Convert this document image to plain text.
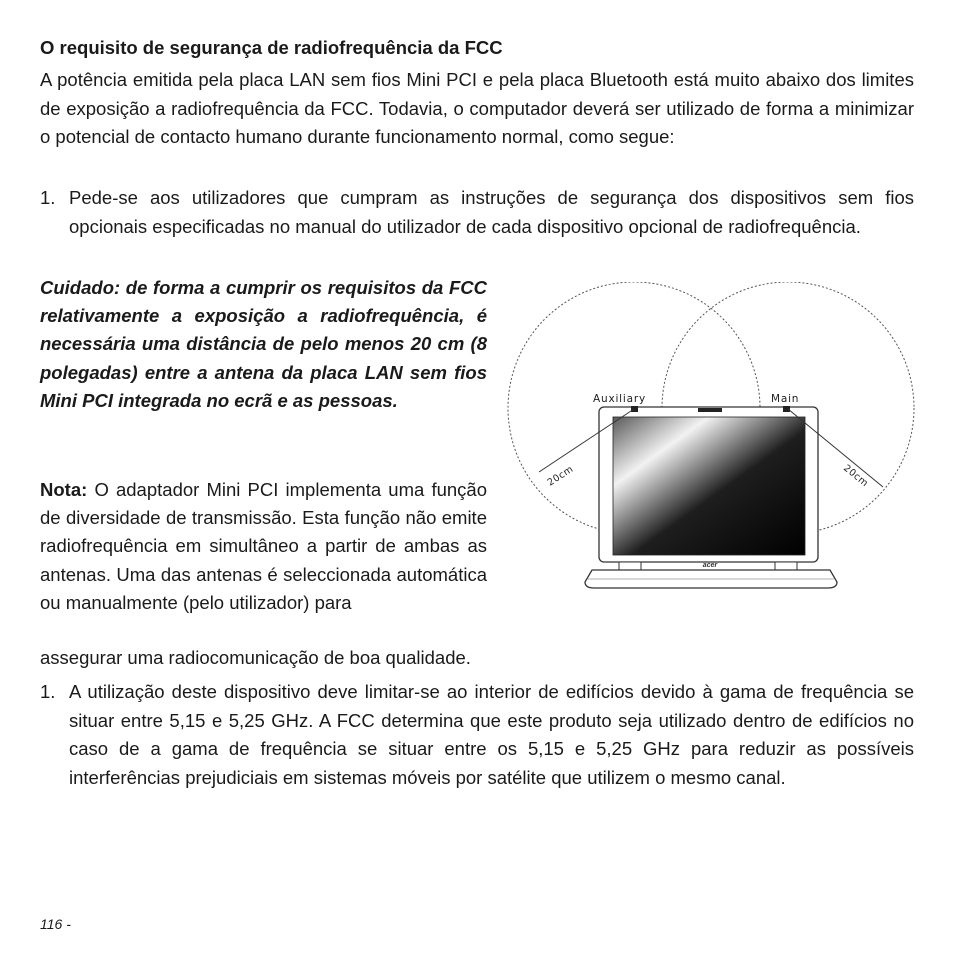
O requisito de segurança de radiofrequência da FCC
A potência emitida pela placa LAN sem fios Mini PCI e pela placa Bluetooth está muito abaixo dos limites de exposição a radiofrequência da FCC. Todavia, o computador deverá ser utilizado de forma a minimizar o potencial de contacto humano durante funcionamento normal, como segue:
1. Pede-se aos utilizadores que cumpram as instruções de segurança dos dispositivos sem fios opcionais especificadas no manual do utilizador de cada dispositivo opcional de radiofrequência.
Cuidado: de forma a cumprir os requisitos da FCC relativamente a exposição a radiofrequência, é necessária uma distância de pelo menos 20 cm (8 polegadas) entre a antena da placa LAN sem fios Mini PCI integrada no ecrã e as pessoas.
Nota: O adaptador Mini PCI implementa uma função de diversidade de transmissão. Esta função não emite radiofrequência em simultâneo a partir de ambas as antenas. Uma das antenas é seleccionada automática ou manualmente (pelo utilizador) para
assegurar uma radiocomunicação de boa qualidade.
1. A utilização deste dispositivo deve limitar-se ao interior de edifícios devido à gama de frequência se situar entre 5,15 e 5,25 GHz. A FCC determina que este produto seja utilizado dentro de edifícios no caso de a gama de frequência se situar entre os 5,15 e 5,25 GHz para reduzir as possíveis interferências prejudiciais em sistemas móveis por satélite que utilizem o mesmo canal.
acer
Auxiliary	Main
20cm	20cm
116 -
